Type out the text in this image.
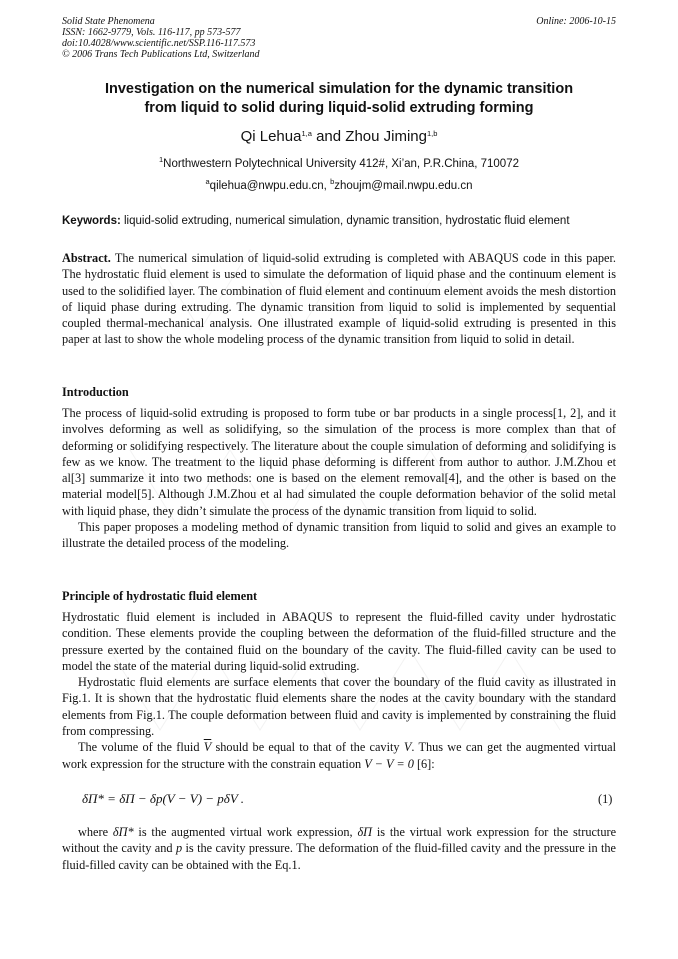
Solid State Phenomena
ISSN: 1662-9779, Vols. 116-117, pp 573-577
doi:10.4028/www.scientific.net/SSP.116-117.573
© 2006 Trans Tech Publications Ltd, Switzerland
Online: 2006-10-15
Investigation on the numerical simulation for the dynamic transition
from liquid to solid during liquid-solid extruding forming
Qi Lehua$^{1,a}$ and Zhou Jiming$^{1,b}$
$^1$Northwestern Polytechnical University 412#, Xi’an, P.R.China, 710072
$^a$qilehua@nwpu.edu.cn, $^b$zhoujm@mail.nwpu.edu.cn
Keywords: liquid-solid extruding, numerical simulation, dynamic transition, hydrostatic fluid element

Abstract. The numerical simulation of liquid-solid extruding is completed with ABAQUS code in this paper. The hydrostatic fluid element is used to simulate the deformation of liquid phase and the continuum element is used to the solidified layer. The combination of fluid element and continuum element avoids the mesh distortion of liquid phase during extruding. The dynamic transition from liquid to solid is implemented by sequential coupled thermal-mechanical analysis. One illustrated example of liquid-solid extruding is presented in this paper at last to show the whole modeling process of the dynamic transition from liquid to solid in detail.

Introduction

The process of liquid-solid extruding is proposed to form tube or bar products in a single process[1, 2], and it involves deforming as well as solidifying, so the simulation of the process is more complex than that of deforming or solidifying respectively. The literature about the couple simulation of deforming and solidifying is few as we know. The treatment to the liquid phase deforming is different from author to author. J.M.Zhou et al[3] summarize it into two methods: one is based on the element removal[4], and the other is based on the material model[5]. Although J.M.Zhou et al had simulated the couple deformation behavior of the solid metal with liquid phase, they didn’t simulate the process of the dynamic transition from liquid to solid.

This paper proposes a modeling method of dynamic transition from liquid to solid and gives an example to illustrate the detailed process of the modeling.

Principle of hydrostatic fluid element

Hydrostatic fluid element is included in ABAQUS to represent the fluid-filled cavity under hydrostatic condition. These elements provide the coupling between the deformation of the fluid-filled structure and the pressure exerted by the contained fluid on the boundary of the cavity. The fluid-filled cavity can be used to model the state of the material during liquid-solid extruding.

Hydrostatic fluid elements are surface elements that cover the boundary of the fluid cavity as illustrated in Fig.1. It is shown that the hydrostatic fluid elements share the nodes at the cavity boundary with the standard elements from Fig.1. The couple deformation between fluid and cavity is implemented by constraining the fluid from compressing.

The volume of the fluid $\overline{V}$ should be equal to that of the cavity V. Thus we can get the augmented virtual work expression for the structure with the constrain equation V − V = 0 [6]:

δΠ* = δΠ − δp(V − V) − pδV .	(1)

where δΠ* is the augmented virtual work expression, δΠ is the virtual work expression for the structure without the cavity and p is the cavity pressure. The deformation of the fluid-filled cavity and the pressure in the fluid-filled cavity can be obtained with the Eq.1.
